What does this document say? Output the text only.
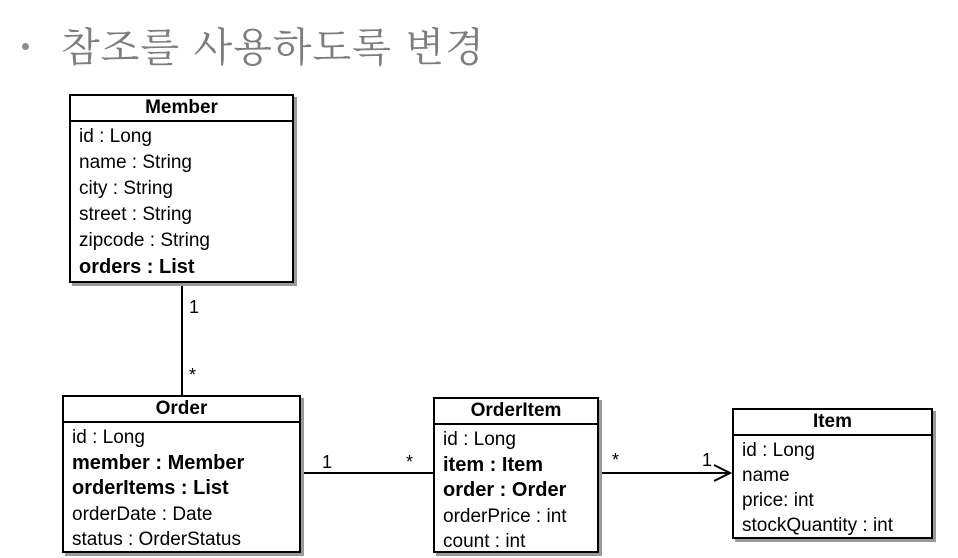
참조를 사용하도록 변경
Member
id : Long
name : String
city : String
street : String
zipcode : String
orders : List
Order
id : Long
member : Member
orderItems : List
orderDate : Date
status : OrderStatus
OrderItem
id : Long
item : Item
order : Order
orderPrice : int
count : int
Item
id : Long
name
price: int
stockQuantity : int
1
*
1	*	*	1
